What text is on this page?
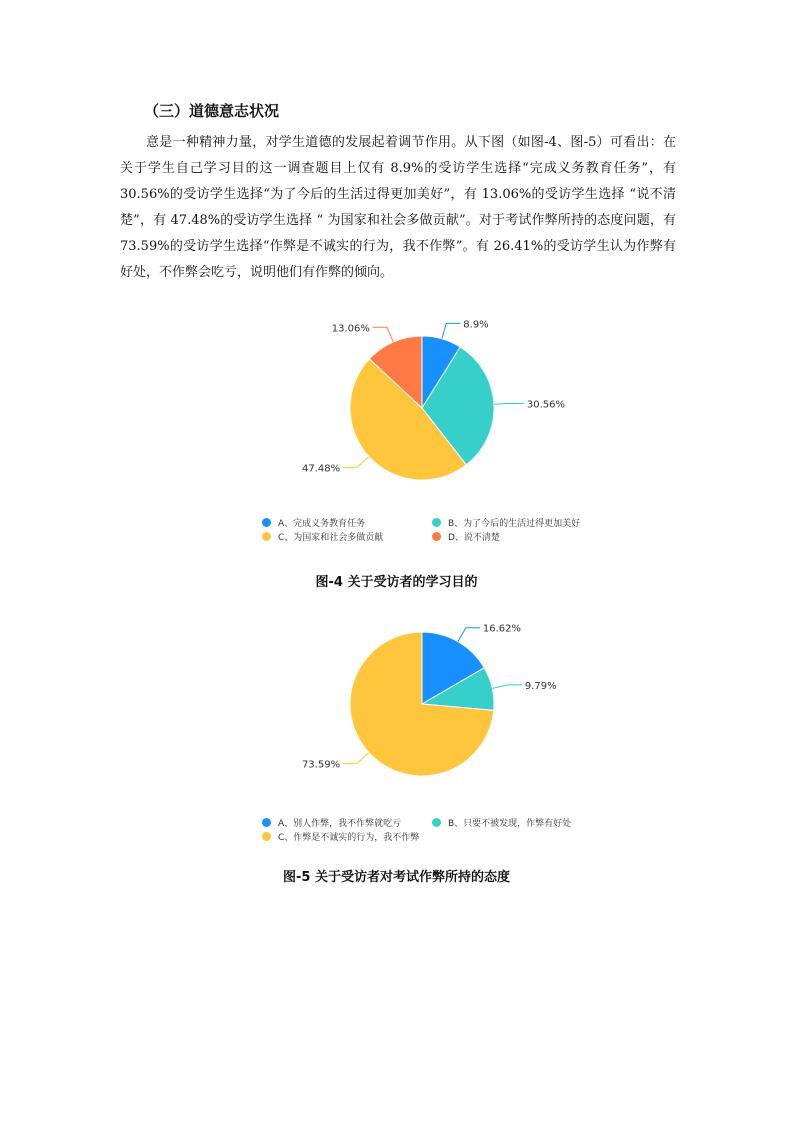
（三）道德意志状况

意是一种精神力量，对学生道德的发展起着调节作用。从下图（如图-4、图-5）可看出：在关于学生自己学习目的这一调查题目上仅有 8.9%的受访学生选择“完成义务教育任务”，有 30.56%的受访学生选择“为了今后的生活过得更加美好”，有 13.06%的受访学生选择 “说不清楚”，有 47.48%的受访学生选择 “ 为国家和社会多做贡献”。对于考试作弊所持的态度问题，有 73.59%的受访学生选择“作弊是不诚实的行为，我不作弊”。有 26.41%的受访学生认为作弊有好处，不作弊会吃亏，说明他们有作弊的倾向。

8.9%
30.56%
47.48%
13.06%
A、完成义务教育任务	B、为了今后的生活过得更加美好
C、为国家和社会多做贡献	D、说不清楚
图-4 关于受访者的学习目的
16.62%
9.79%
73.59%
A、别人作弊，我不作弊就吃亏	B、只要不被发现，作弊有好处
C、作弊是不诚实的行为，我不作弊
图-5 关于受访者对考试作弊所持的态度
